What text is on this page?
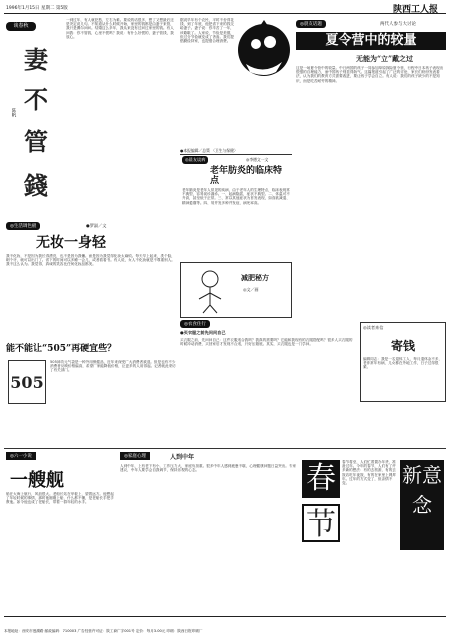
1996年1月15日 星期二 第5版	陕西工人报
谈春秋
妻
不
管
錢
陈帆
一到过年，有人就犯愁，左右为难。要说的话很多，想了又想最后还是决定说几句。不知道从什么时候开始，家里的钱都是由妻子来管，我只是偶尔问问。结婚这么多年，我从来没有过问过家里的钱。有人问我：你不管钱，心里不慌吗？我说：有什么好慌的，妻子管钱，我放心。
据说早年有个农民，平时不舍得花钱，到了年底，他把省下来的钱交给妻子。妻子说：你辛苦了一年，该歇歇了。人家说，节俭是美德，但过分节俭就变成了吝啬。我们提倡勤俭持家，也提倡合理消费。
●本报编辑／总策 〈卫生与保健〉
◎晨友谈病	◎李德文一文
老年肪炎的临床特点
老年肺炎是老年人常见的疾病，由于老年人的生理特点，临床表现常不典型，容易误诊漏诊。一、起病隐匿，症状不典型。二、体温可不升高，甚至低于正常。三、常以其他症状为首发表现，如食欲减退、精神萎靡等。四、易并发多种并发症，病死率高。
◎晨友话题	两代人参与大讨论
夏令营中的较量
无能为“立”戴之过
这是一场夏令营中的较量。中日两国的孩子一同参加草原探险夏令营，行程中日本孩子表现出很强的自理能力，而中国孩子则显得娇气。这篇报道引起了广泛的讨论，家长们纷纷发表看法，认为我们的教育方式需要改进，要让孩子学会自立。有人说：我们的孩子缺少的不是知识，而是吃苦耐劳的精神。
◎生活调色板	●罗淑／文
无妆一身轻
我不化妆，不是因为我长得漂亮，也不是因为我懒。而是因为我觉得化妆太麻烦。每天早上起来，洗个脸，刷个牙，就可以出门了。省下的时间可以多睡一会儿，或者看看书。有人说，女人不化妆就是不尊重别人。我不这么认为。我觉得，真诚的笑容比任何化妆品都美。
减肥秘方
◎文／画
◎衣食住行
●买衣服之前先问问自己
买衣服之前，先问问自己：这件衣服适合我吗？我真的需要吗？它能和我现有的衣服搭配吗？很多人买衣服的时候冲动消费，买回家后才发现不合适，只好压箱底。其实，买衣服也是一门学问。
◎读者来信
寄钱
编辑同志：我是一名退休工人，每月退休金不多，老伴常年有病，儿女都在外地工作，日子过得很紧。
能不能让“505”再硬宜些？
505
505神功元气袋是一种外用保健品，近年来深受广大消费者欢迎。但是也有不少消费者反映价格偏高，希望厂家能降低价格，让更多的人用得起。记者就此采访了有关部门。
◎六一小说
一艘舰
船在大海上航行，风浪很大。老船长站在甲板上，望着远方。他想起了年轻时候的事情，那时他刚刚上船，什么都不懂，是老船长手把手教他。如今他也成了老船长，带着一群年轻的水手。
◎家庭心理	人到中年
人到中年，上有老下有小，工作压力大，家庭负担重。很多中年人感到疲惫不堪，心理健康问题日益突出。专家建议，中年人要学会自我调节，保持乐观的心态。	春
节
新意念
春节将至，人们忙着置办年货，准备过年。今年的春节，人们有了许多新的想法：有的去旅游，有的去饭店吃年夜饭，有的在家里上网拜年。过年的方式变了，但亲情不变。
本报地址：西安市莲湖路 邮政编码：710003 广告经营许可证：陕工商广字001号 定价：每月3.00元 印刷：陕西日报印刷厂
